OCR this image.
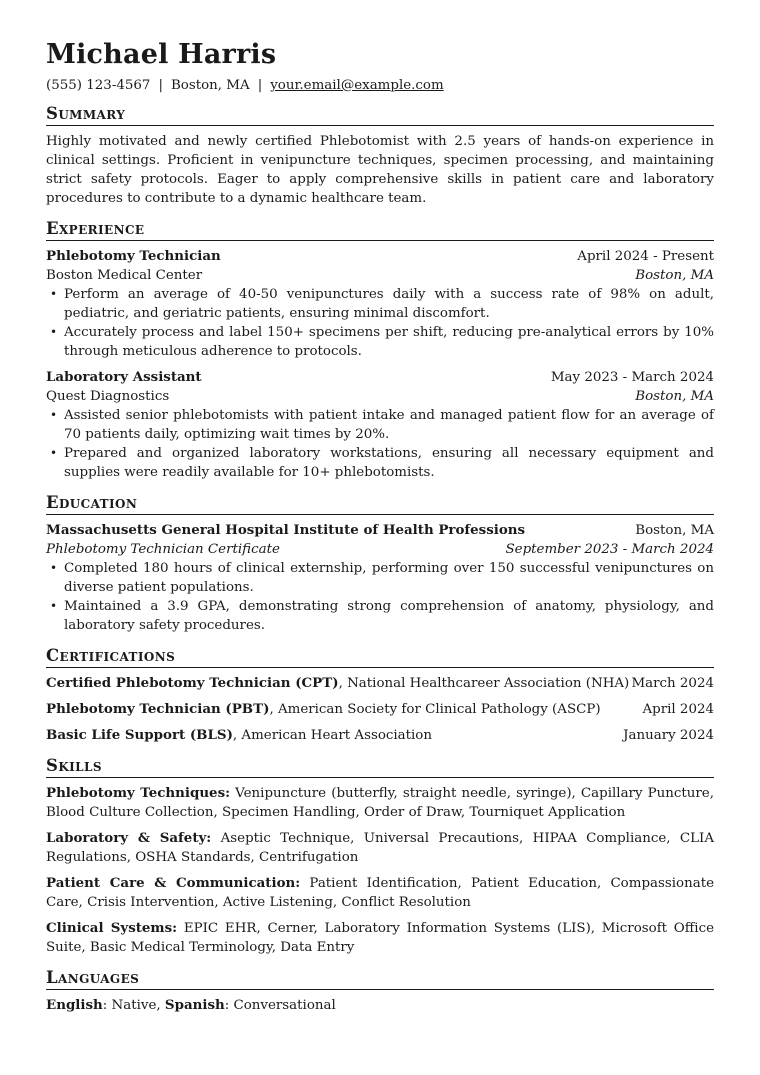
Michael Harris
(555) 123-4567 | Boston, MA | your.email@example.com
Summary
Highly motivated and newly certified Phlebotomist with 2.5 years of hands-on experience in clinical settings. Proficient in venipuncture techniques, specimen processing, and maintaining strict safety protocols. Eager to apply comprehensive skills in patient care and laboratory procedures to contribute to a dynamic healthcare team.
Experience
Phlebotomy Technician	April 2024 - Present
Boston Medical Center	Boston, MA
• Perform an average of 40-50 venipunctures daily with a success rate of 98% on adult, pediatric, and geriatric patients, ensuring minimal discomfort.
• Accurately process and label 150+ specimens per shift, reducing pre-analytical errors by 10% through meticulous adherence to protocols.
Laboratory Assistant	May 2023 - March 2024
Quest Diagnostics	Boston, MA
• Assisted senior phlebotomists with patient intake and managed patient flow for an average of 70 patients daily, optimizing wait times by 20%.
• Prepared and organized laboratory workstations, ensuring all necessary equipment and supplies were readily available for 10+ phlebotomists.
Education
Massachusetts General Hospital Institute of Health Professions	Boston, MA
Phlebotomy Technician Certificate	September 2023 - March 2024
• Completed 180 hours of clinical externship, performing over 150 successful venipunctures on diverse patient populations.
• Maintained a 3.9 GPA, demonstrating strong comprehension of anatomy, physiology, and laboratory safety procedures.
Certifications
Certified Phlebotomy Technician (CPT), National Healthcareer Association (NHA) March 2024
Phlebotomy Technician (PBT), American Society for Clinical Pathology (ASCP)	April 2024
Basic Life Support (BLS), American Heart Association	January 2024
Skills
Phlebotomy Techniques: Venipuncture (butterfly, straight needle, syringe), Capillary Puncture, Blood Culture Collection, Specimen Handling, Order of Draw, Tourniquet Application
Laboratory & Safety: Aseptic Technique, Universal Precautions, HIPAA Compliance, CLIA Regulations, OSHA Standards, Centrifugation
Patient Care & Communication: Patient Identification, Patient Education, Compassionate Care, Crisis Intervention, Active Listening, Conflict Resolution
Clinical Systems: EPIC EHR, Cerner, Laboratory Information Systems (LIS), Microsoft Office Suite, Basic Medical Terminology, Data Entry
Languages
English: Native, Spanish: Conversational
